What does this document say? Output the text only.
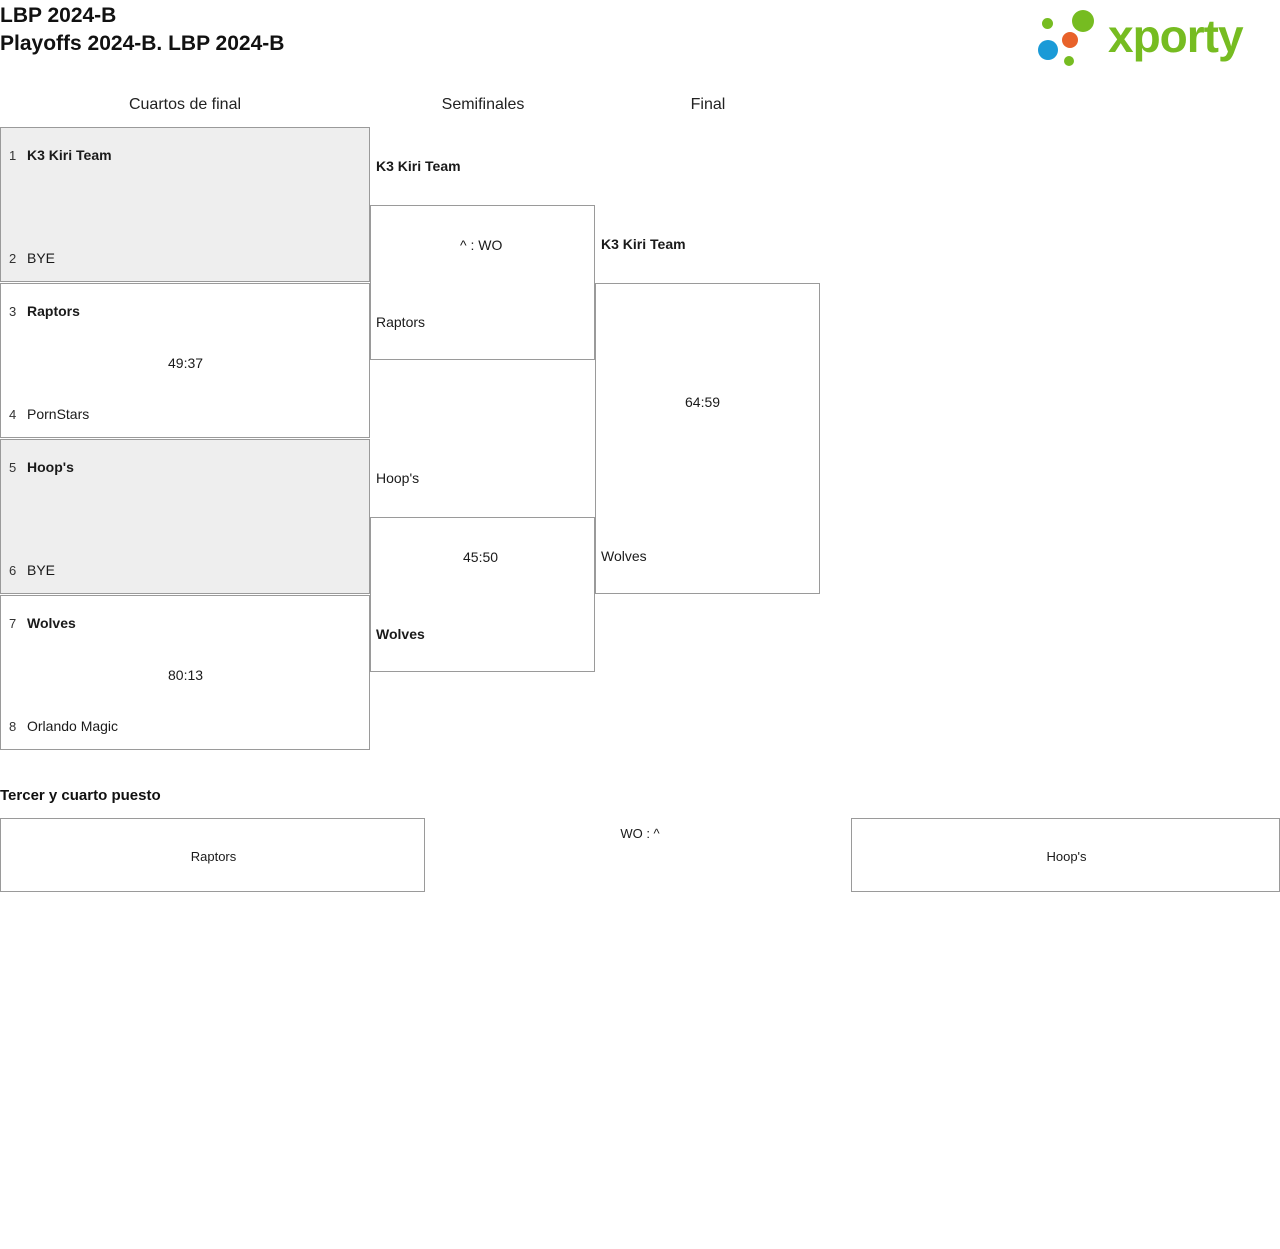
LBP 2024-B
Playoffs 2024-B. LBP 2024-B	xporty
Cuartos de final	Semifinales	Final
1 K3 Kiri Team
2 BYE
3 Raptors
49:37
4 PornStars
5 Hoop's
6 BYE
7 Wolves
80:13
8 Orlando Magic
^ : WO
K3 Kiri Team
Raptors
45:50
Hoop's
Wolves
64:59
K3 Kiri Team
Wolves
Tercer y cuarto puesto
Raptors	Hoop's
WO : ^
